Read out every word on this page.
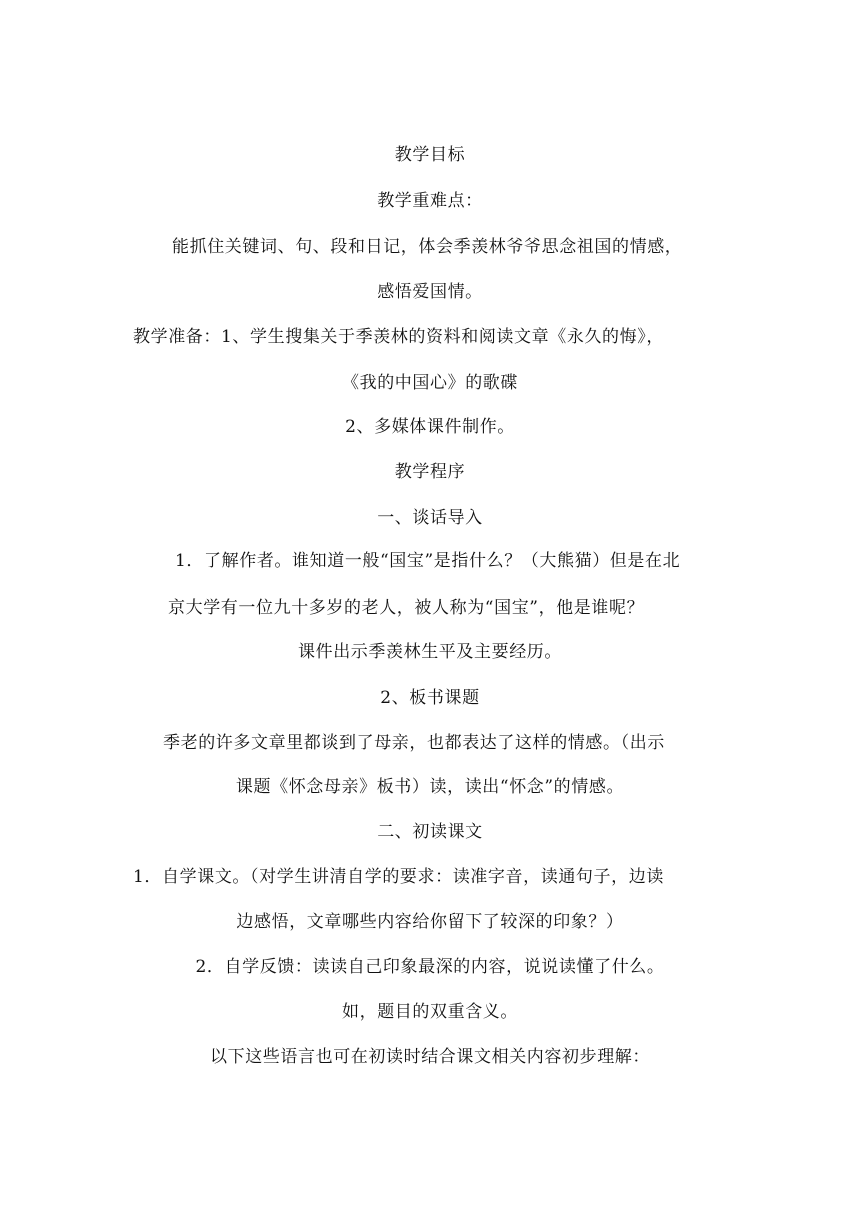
教学目标
教学重难点：
能抓住关键词、句、段和日记，体会季羡林爷爷思念祖国的情感，
感悟爱国情。
教学准备：1、学生搜集关于季羡林的资料和阅读文章《永久的悔》，
《我的中国心》的歌碟
2、多媒体课件制作。
教学程序
一、谈话导入
1．了解作者。谁知道一般“国宝”是指什么？（大熊猫）但是在北
京大学有一位九十多岁的老人，被人称为“国宝”，他是谁呢？
课件出示季羡林生平及主要经历。
2、板书课题
季老的许多文章里都谈到了母亲，也都表达了这样的情感。（出示
课题《怀念母亲》板书）读，读出“怀念”的情感。
二、初读课文
1．自学课文。（对学生讲清自学的要求：读准字音，读通句子，边读
边感悟，文章哪些内容给你留下了较深的印象？）
2．自学反馈：读读自己印象最深的内容，说说读懂了什么。
如，题目的双重含义。
以下这些语言也可在初读时结合课文相关内容初步理解：
